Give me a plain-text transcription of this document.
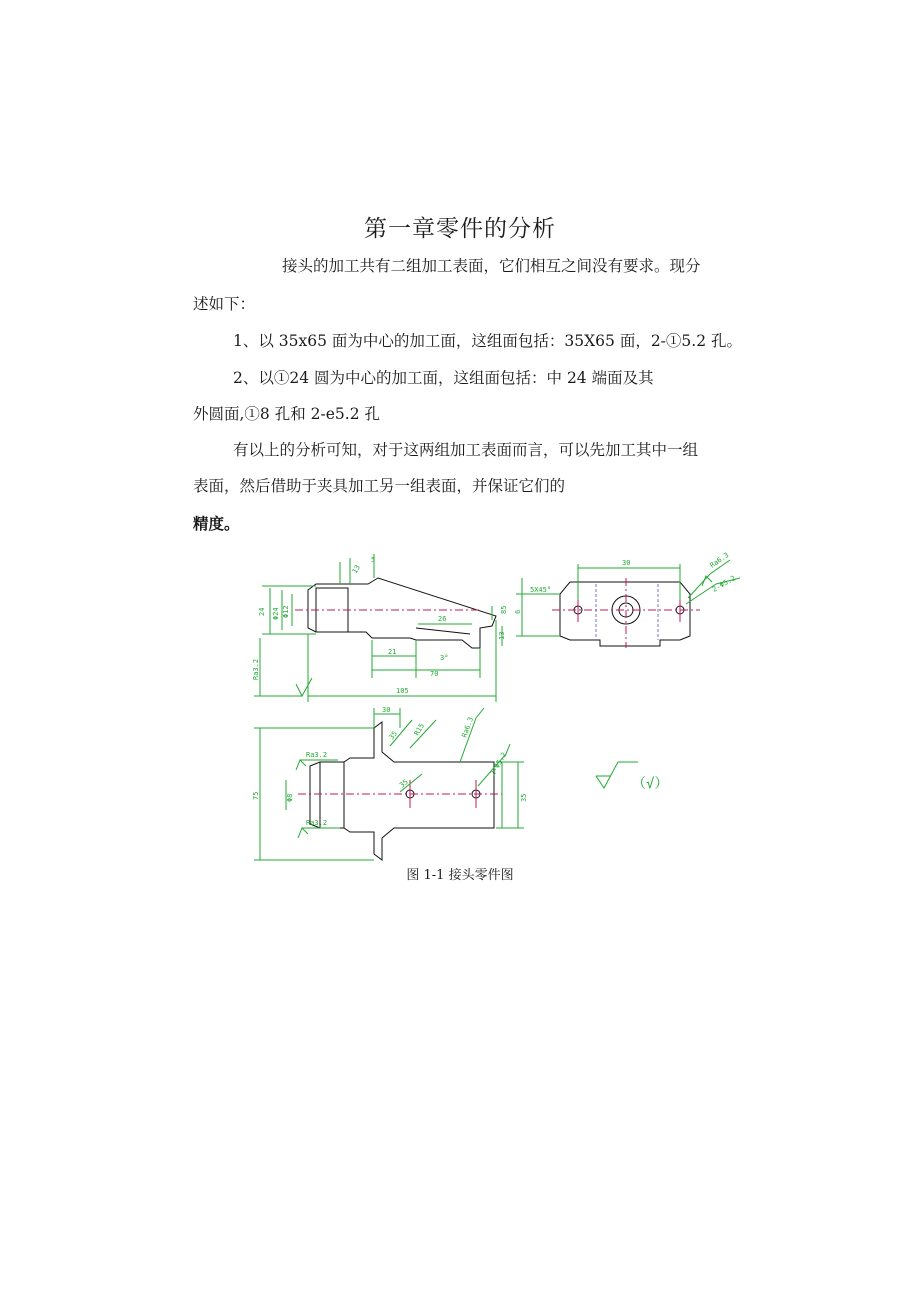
第一章零件的分析
接头的加工共有二组加工表面，它们相互之间没有要求。现分
述如下：
1、以 35x65 面为中心的加工面，这组面包括：35X65 面，2-①5.2 孔。
2、以①24 圆为中心的加工面，这组面包括：中 24 端面及其
外圆面,①8 孔和 2-e5.2 孔
有以上的分析可知，对于这两组加工表面而言，可以先加工其中一组
表面，然后借助于夹具加工另一组表面，并保证它们的
精度。
24 Φ24 Φ12
5
13
26
21
3°
70
105
85
13
Ra3.2
30
5X45°
6
Ra6.3
2-Φ5.2
75	Φ8
30
R15
35
35
Ra3.2
Ra3.2
Ra6.3
2-Φ5.2
35
（√）
图 1-1 接头零件图
